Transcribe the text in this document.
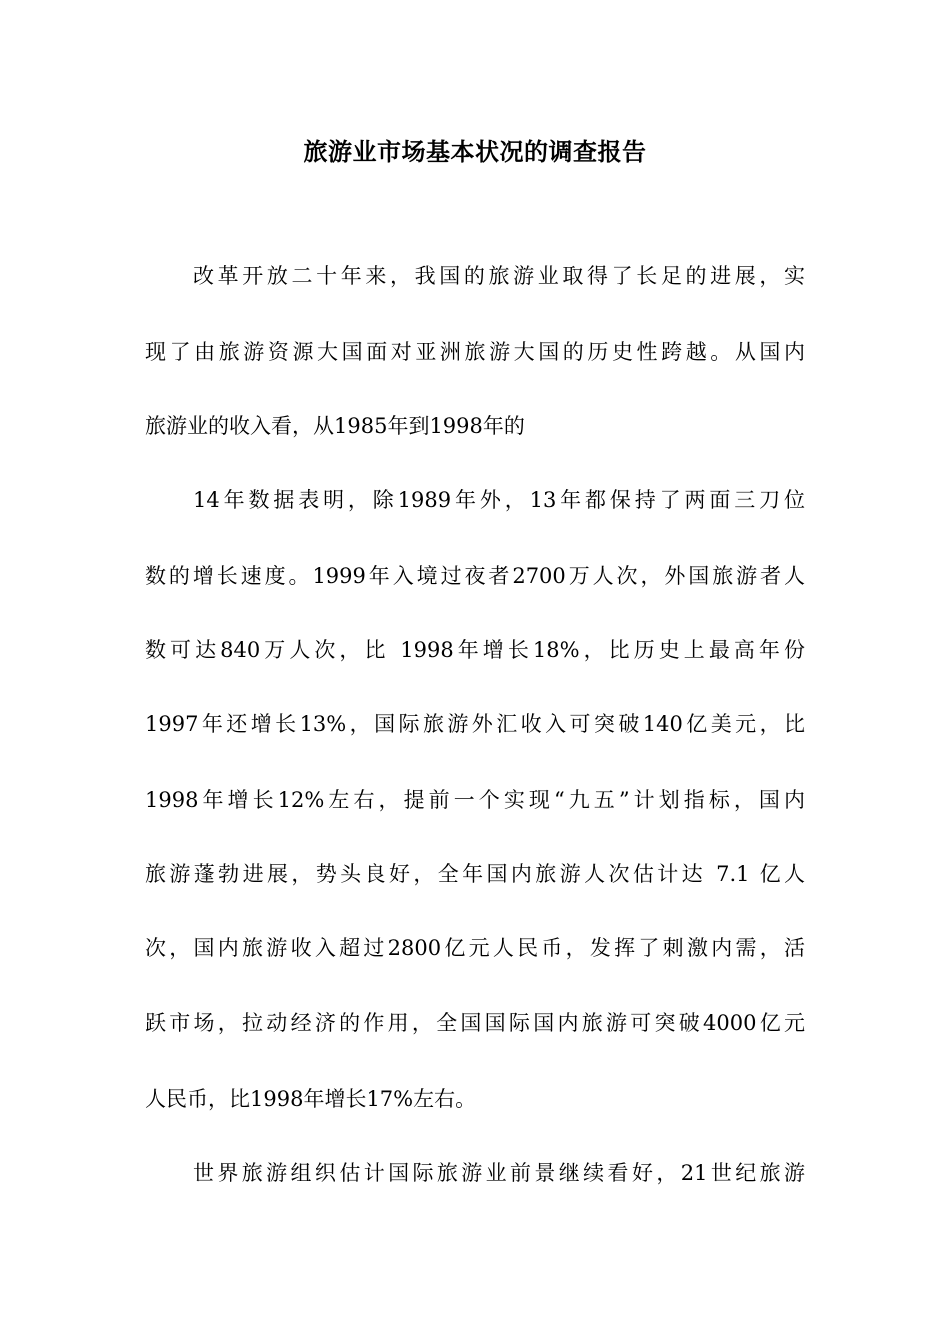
旅游业市场基本状况的调查报告
改革开放二十年来，我国的旅游业取得了长足的进展，实
现了由旅游资源大国面对亚洲旅游大国的历史性跨越。从国内
旅游业的收入看，从1985年到1998年的
14年数据表明，除1989年外，13年都保持了两面三刀位
数的增长速度。1999年入境过夜者2700万人次，外国旅游者人
数可达840万人次，比 1998年增长18%，比历史上最高年份
1997年还增长13%，国际旅游外汇收入可突破140亿美元，比
1998年增长12%左右，提前一个实现“九五”计划指标，国内
旅游蓬勃进展，势头良好，全年国内旅游人次估计达 7.1 亿人
次，国内旅游收入超过2800亿元人民币，发挥了刺激内需，活
跃市场，拉动经济的作用，全国国际国内旅游可突破4000亿元
人民币，比1998年增长17%左右。
世界旅游组织估计国际旅游业前景继续看好，21世纪旅游
